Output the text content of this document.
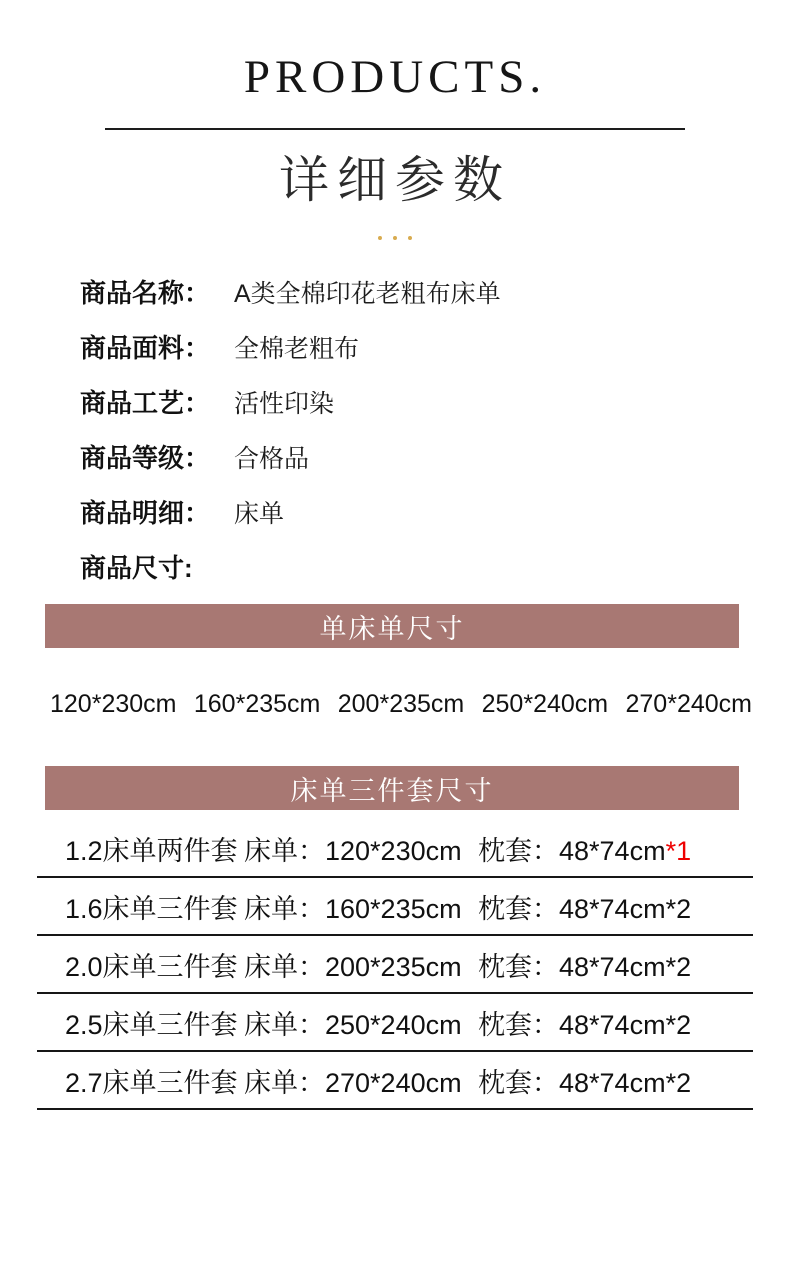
PRODUCTS.
详细参数
商品名称： A类全棉印花老粗布床单
商品面料： 全棉老粗布
商品工艺： 活性印染
商品等级： 合格品
商品明细： 床单
商品尺寸:
单床单尺寸
120*230cm 160*235cm 200*235cm 250*240cm 270*240cm
床单三件套尺寸
1.2床单两件套 床单：120*230cm 枕套：48*74cm*1
1.6床单三件套 床单：160*235cm 枕套：48*74cm*2
2.0床单三件套 床单：200*235cm 枕套：48*74cm*2
2.5床单三件套 床单：250*240cm 枕套：48*74cm*2
2.7床单三件套 床单：270*240cm 枕套：48*74cm*2
